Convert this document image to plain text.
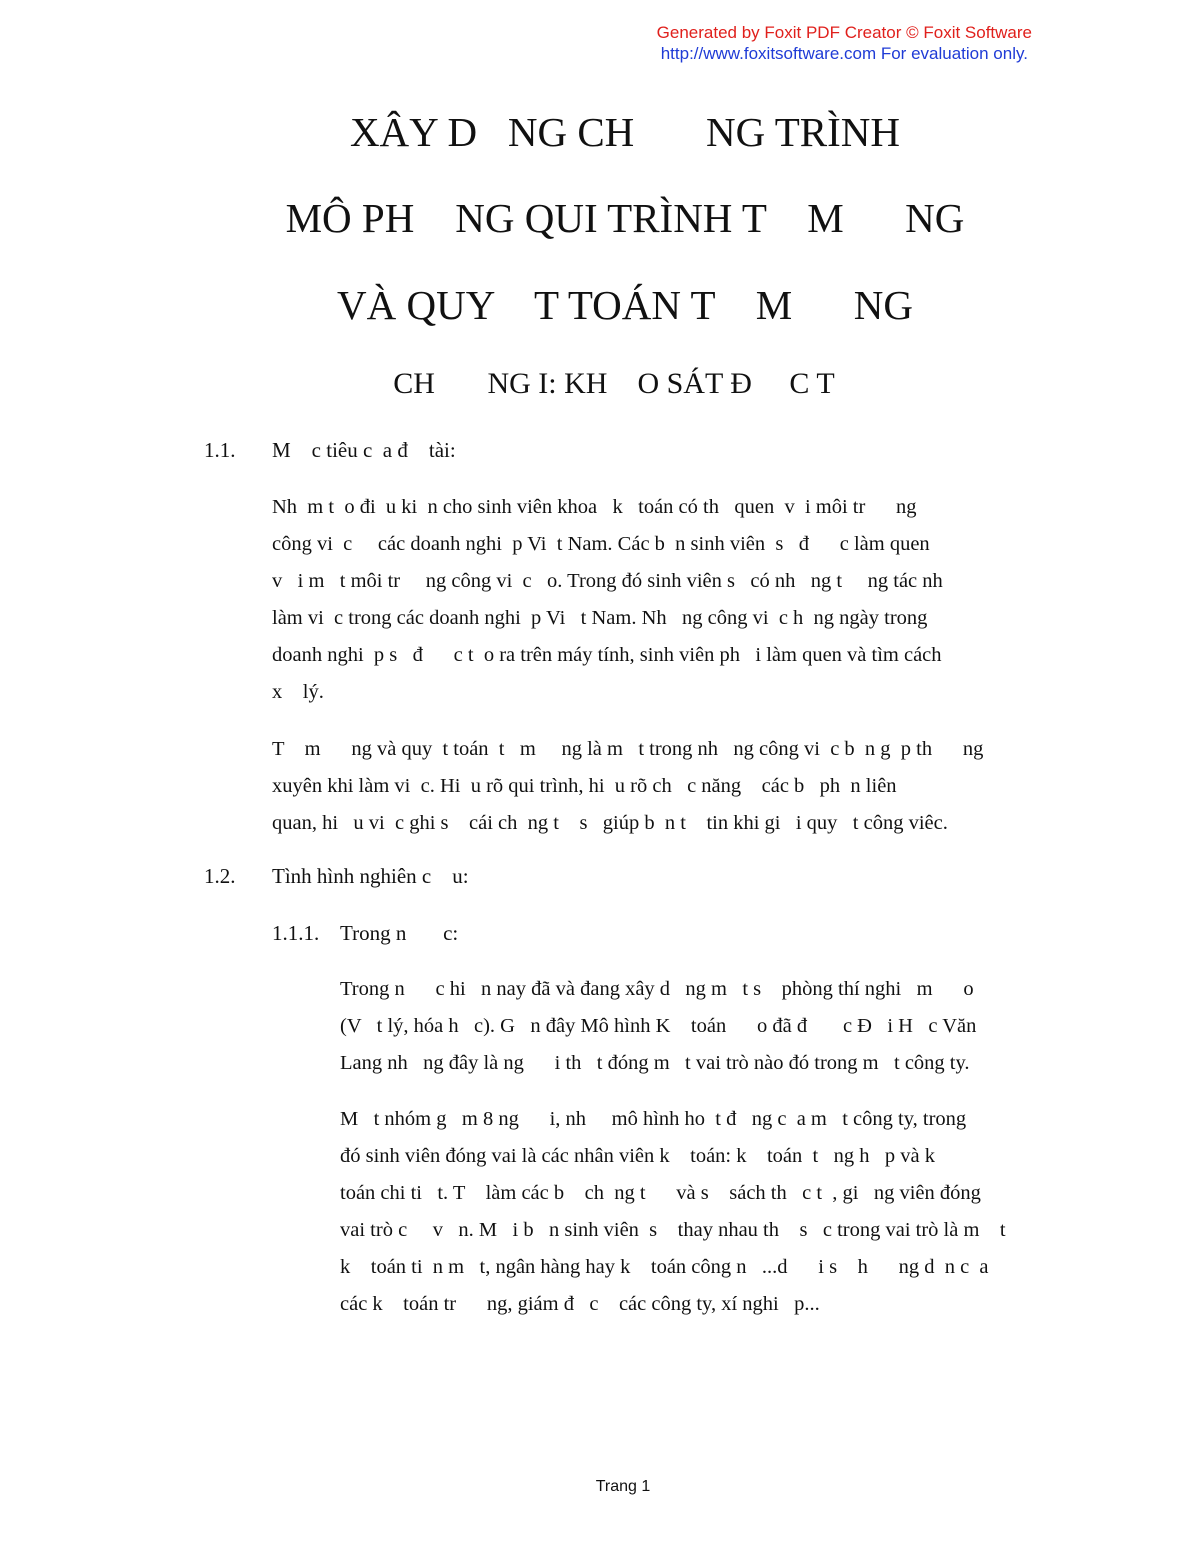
Generated by Foxit PDF Creator © Foxit Software
http://www.foxitsoftware.com For evaluation only.
XÂY D   NG CH       NG TRÌNH
MÔ PH    NG QUI TRÌNH T    M      NG
VÀ QUY    T TOÁN T    M      NG
CH       NG I: KH    O SÁT Đ     C T
1.1. M    c tiêu c  a đ    tài:
Nh  m t  o đi  u ki  n cho sinh viên khoa   k   toán có th   quen  v  i môi tr      ng
công vi  c     các doanh nghi  p Vi  t Nam. Các b  n sinh viên  s   đ      c làm quen
v   i m   t môi tr     ng công vi  c   o. Trong đó sinh viên s   có nh   ng t     ng tác nh
làm vi  c trong các doanh nghi  p Vi   t Nam. Nh   ng công vi  c h  ng ngày trong
doanh nghi  p s   đ      c t  o ra trên máy tính, sinh viên ph   i làm quen và tìm cách
x    lý.
T    m      ng và quy  t toán  t   m     ng là m   t trong nh   ng công vi  c b  n g  p th      ng
xuyên khi làm vi  c. Hi  u rõ qui trình, hi  u rõ ch   c năng    các b   ph  n liên
quan, hi   u vi  c ghi s    cái ch  ng t    s   giúp b  n t    tin khi gi   i quy   t công viêc.
1.2. Tình hình nghiên c    u:
1.1.1. Trong n       c:
Trong n      c hi   n nay đã và đang xây d   ng m   t s    phòng thí nghi   m      o
(V   t lý, hóa h   c). G   n đây Mô hình K    toán      o đã đ       c Đ   i H   c Văn
Lang nh   ng đây là ng      i th   t đóng m   t vai trò nào đó trong m   t công ty.
M   t nhóm g   m 8 ng      i, nh     mô hình ho  t đ   ng c  a m   t công ty, trong
đó sinh viên đóng vai là các nhân viên k    toán: k    toán  t   ng h   p và k
toán chi ti   t. T    làm các b    ch  ng t      và s    sách th   c t  , gi   ng viên đóng
vai trò c     v   n. M   i b   n sinh viên  s    thay nhau th    s   c trong vai trò là m    t
k    toán ti  n m   t, ngân hàng hay k    toán công n   ...d      i s    h      ng d  n c  a
các k    toán tr      ng, giám đ   c    các công ty, xí nghi   p...
Trang 1
